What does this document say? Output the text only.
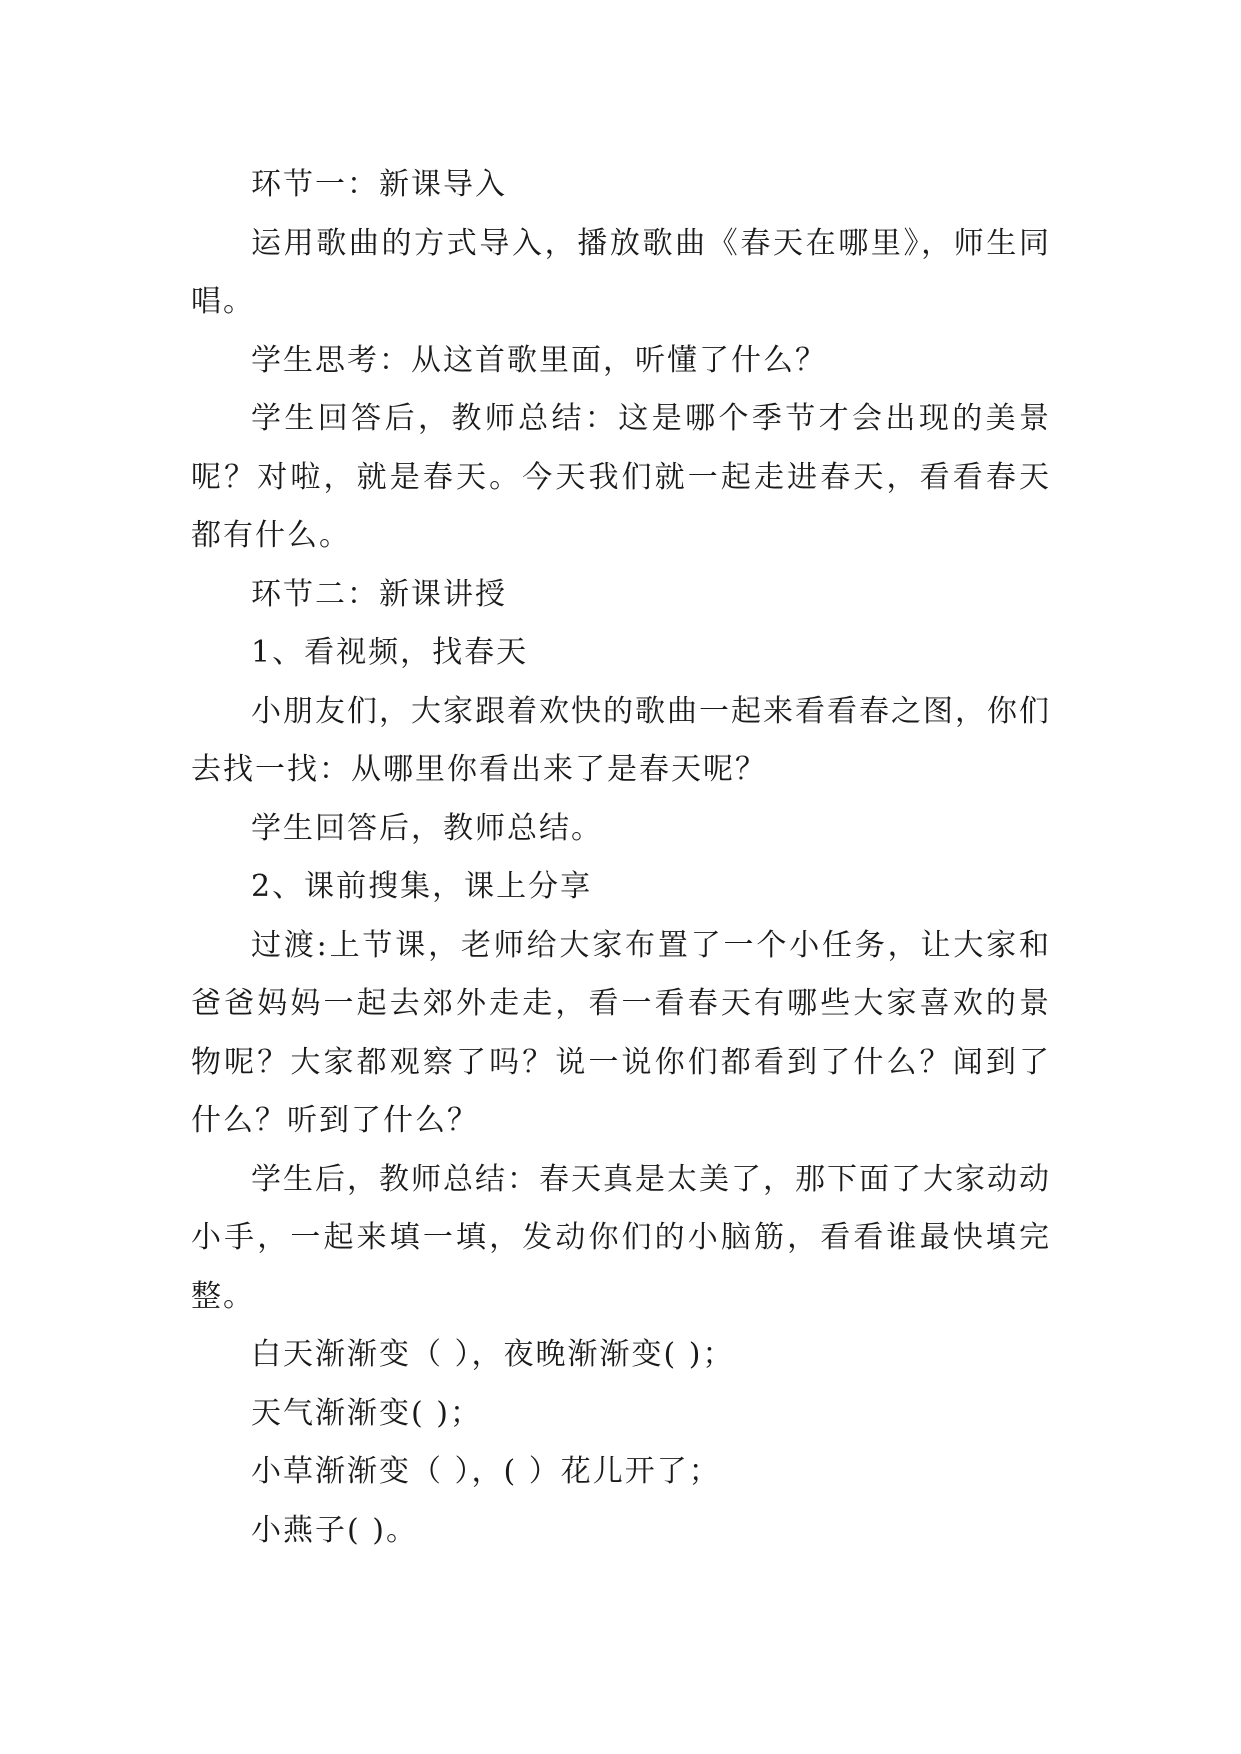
环节一：新课导入

运用歌曲的方式导入，播放歌曲《春天在哪里》，师生同唱。

学生思考：从这首歌里面，听懂了什么？

学生回答后，教师总结：这是哪个季节才会出现的美景呢？对啦，就是春天。今天我们就一起走进春天，看看春天都有什么。

环节二：新课讲授

1、看视频，找春天

小朋友们，大家跟着欢快的歌曲一起来看看春之图，你们去找一找：从哪里你看出来了是春天呢？

学生回答后，教师总结。

2、课前搜集，课上分享

过渡:上节课，老师给大家布置了一个小任务，让大家和爸爸妈妈一起去郊外走走，看一看春天有哪些大家喜欢的景物呢？大家都观察了吗？说一说你们都看到了什么？闻到了什么？听到了什么？

学生后，教师总结：春天真是太美了，那下面了大家动动小手，一起来填一填，发动你们的小脑筋，看看谁最快填完整。

白天渐渐变（ ），夜晚渐渐变( )；

天气渐渐变( )；

小草渐渐变（ ），( ）花儿开了；

小燕子( )。
